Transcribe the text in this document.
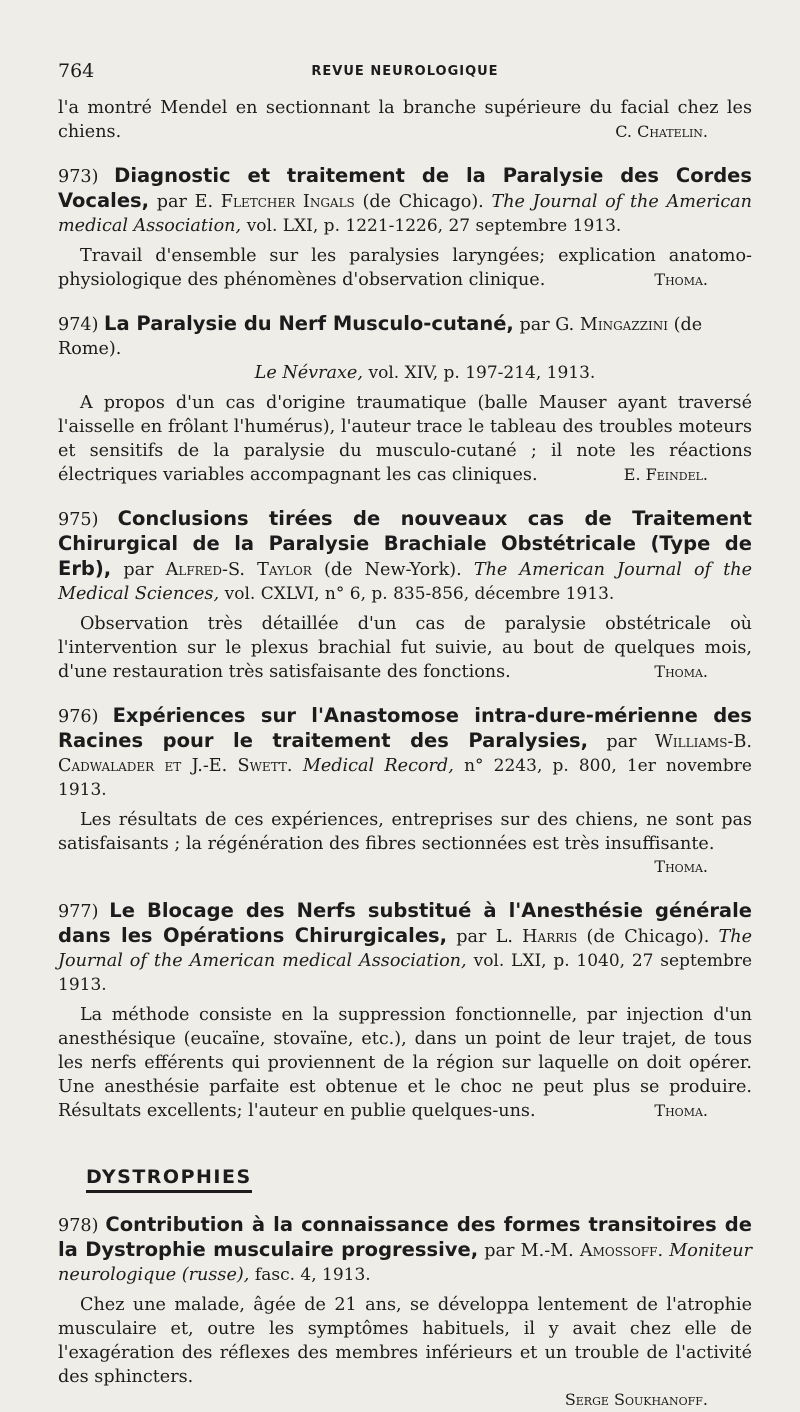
764	REVUE NEUROLOGIQUE

l'a montré Mendel en sectionnant la branche supérieure du facial chez les chiens.	C. Chatelin.

973) Diagnostic et traitement de la Paralysie des Cordes Vocales, par E. Fletcher Ingals (de Chicago). The Journal of the American medical Association, vol. LXI, p. 1221-1226, 27 septembre 1913.

Travail d'ensemble sur les paralysies laryngées; explication anatomo-physiologique des phénomènes d'observation clinique.	Thoma.

974) La Paralysie du Nerf Musculo-cutané, par G. Mingazzini (de Rome).

Le Névraxe, vol. XIV, p. 197-214, 1913.

A propos d'un cas d'origine traumatique (balle Mauser ayant traversé l'aisselle en frôlant l'humérus), l'auteur trace le tableau des troubles moteurs et sensitifs de la paralysie du musculo-cutané ; il note les réactions électriques variables accompagnant les cas cliniques.	E. Feindel.

975) Conclusions tirées de nouveaux cas de Traitement Chirurgical de la Paralysie Brachiale Obstétricale (Type de Erb), par Alfred-S. Taylor (de New-York). The American Journal of the Medical Sciences, vol. CXLVI, n° 6, p. 835-856, décembre 1913.

Observation très détaillée d'un cas de paralysie obstétricale où l'intervention sur le plexus brachial fut suivie, au bout de quelques mois, d'une restauration très satisfaisante des fonctions.	Thoma.

976) Expériences sur l'Anastomose intra-dure-mérienne des Racines pour le traitement des Paralysies, par Williams-B. Cadwalader et J.-E. Swett. Medical Record, n° 2243, p. 800, 1er novembre 1913.

Les résultats de ces expériences, entreprises sur des chiens, ne sont pas satisfaisants ; la régénération des fibres sectionnées est très insuffisante.

Thoma.

977) Le Blocage des Nerfs substitué à l'Anesthésie générale dans les Opérations Chirurgicales, par L. Harris (de Chicago). The Journal of the American medical Association, vol. LXI, p. 1040, 27 septembre 1913.

La méthode consiste en la suppression fonctionnelle, par injection d'un anesthésique (eucaïne, stovaïne, etc.), dans un point de leur trajet, de tous les nerfs efférents qui proviennent de la région sur laquelle on doit opérer. Une anesthésie parfaite est obtenue et le choc ne peut plus se produire. Résultats excellents; l'auteur en publie quelques-uns.	Thoma.
DYSTROPHIES

978) Contribution à la connaissance des formes transitoires de la Dystrophie musculaire progressive, par M.-M. Amossoff. Moniteur neurologique (russe), fasc. 4, 1913.

Chez une malade, âgée de 21 ans, se développa lentement de l'atrophie musculaire et, outre les symptômes habituels, il y avait chez elle de l'exagération des réflexes des membres inférieurs et un trouble de l'activité des sphincters.

Serge Soukhanoff.
